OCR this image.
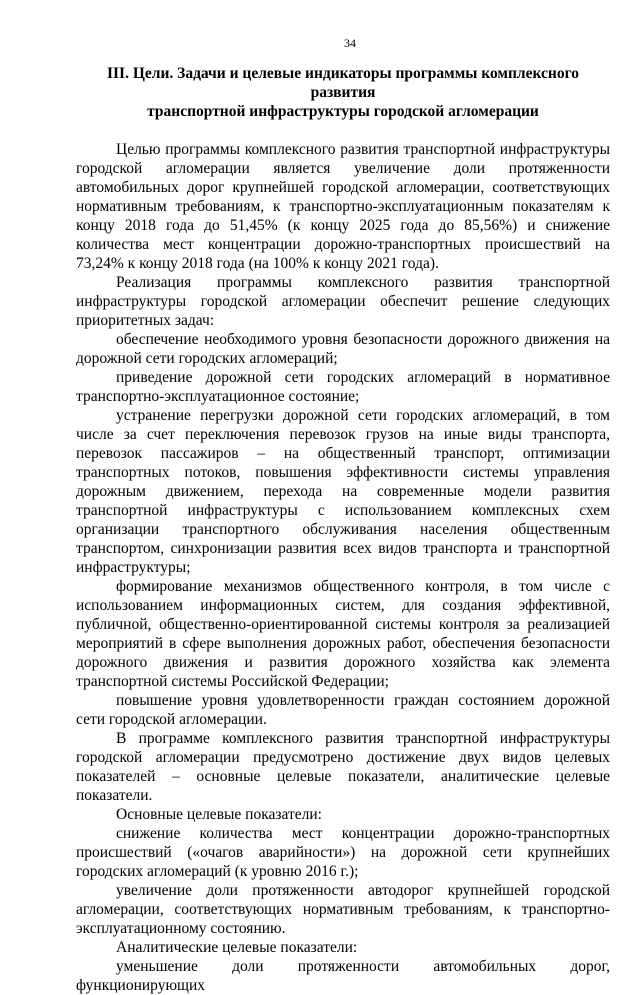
34
III. Цели. Задачи и целевые индикаторы программы комплексного развития
транспортной инфраструктуры городской агломерации

Целью программы комплексного развития транспортной инфраструктуры городской агломерации является увеличение доли протяженности автомобильных дорог крупнейшей городской агломерации, соответствующих нормативным требованиям, к транспортно-эксплуатационным показателям к концу 2018 года до 51,45% (к концу 2025 года до 85,56%) и снижение количества мест концентрации дорожно-транспортных происшествий на 73,24% к концу 2018 года (на 100% к концу 2021 года).

Реализация программы комплексного развития транспортной инфраструктуры городской агломерации обеспечит решение следующих приоритетных задач:

обеспечение необходимого уровня безопасности дорожного движения на дорожной сети городских агломераций;

приведение дорожной сети городских агломераций в нормативное транспортно-эксплуатационное состояние;

устранение перегрузки дорожной сети городских агломераций, в том числе за счет переключения перевозок грузов на иные виды транспорта, перевозок пассажиров – на общественный транспорт, оптимизации транспортных потоков, повышения эффективности системы управления дорожным движением, перехода на современные модели развития транспортной инфраструктуры с использованием комплексных схем организации транспортного обслуживания населения общественным транспортом, синхронизации развития всех видов транспорта и транспортной инфраструктуры;

формирование механизмов общественного контроля, в том числе с использованием информационных систем, для создания эффективной, публичной, общественно-ориентированной системы контроля за реализацией мероприятий в сфере выполнения дорожных работ, обеспечения безопасности дорожного движения и развития дорожного хозяйства как элемента транспортной системы Российской Федерации;

повышение уровня удовлетворенности граждан состоянием дорожной сети городской агломерации.

В программе комплексного развития транспортной инфраструктуры городской агломерации предусмотрено достижение двух видов целевых показателей – основные целевые показатели, аналитические целевые показатели.

Основные целевые показатели:

снижение количества мест концентрации дорожно-транспортных происшествий («очагов аварийности») на дорожной сети крупнейших городских агломераций (к уровню 2016 г.);

увеличение доли протяженности автодорог крупнейшей городской агломерации, соответствующих нормативным требованиям, к транспортно-эксплуатационному состоянию.

Аналитические целевые показатели:

уменьшение доли протяженности автомобильных дорог, функционирующих
